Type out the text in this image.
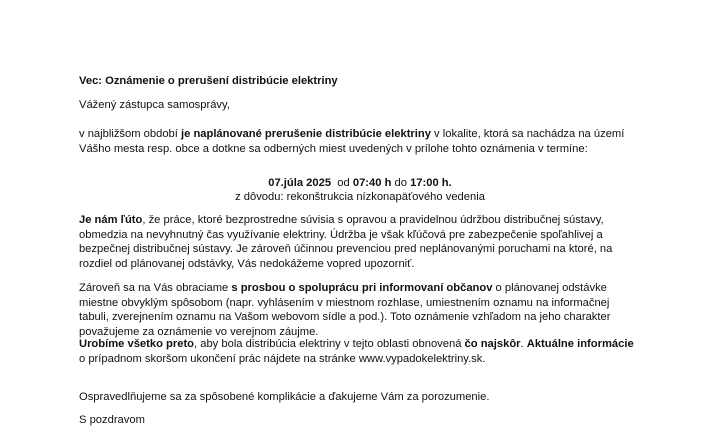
Vec: Oznámenie o prerušení distribúcie elektriny

Vážený zástupca samosprávy,

v najbližšom období je naplánované prerušenie distribúcie elektriny v lokalite, ktorá sa nachádza na území Vášho mesta resp. obce a dotkne sa odberných miest uvedených v prílohe tohto oznámenia v termíne:

07.júla 2025 od 07:40 h do 17:00 h.

z dôvodu: rekonštrukcia nízkonapäťového vedenia

Je nám ľúto, že práce, ktoré bezprostredne súvisia s opravou a pravidelnou údržbou distribučnej sústavy, obmedzia na nevyhnutný čas využívanie elektriny. Údržba je však kľúčová pre zabezpečenie spoľahlivej a bezpečnej distribučnej sústavy. Je zároveň účinnou prevenciou pred neplánovanými poruchami na ktoré, na rozdiel od plánovanej odstávky, Vás nedokážeme vopred upozorniť.

Zároveň sa na Vás obraciame s prosbou o spoluprácu pri informovaní občanov o plánovanej odstávke miestne obvyklým spôsobom (napr. vyhlásením v miestnom rozhlase, umiestnením oznamu na informačnej tabuli, zverejnením oznamu na Vašom webovom sídle a pod.). Toto oznámenie vzhľadom na jeho charakter považujeme za oznámenie vo verejnom záujme.

Urobíme všetko preto, aby bola distribúcia elektriny v tejto oblasti obnovená čo najskôr. Aktuálne informácie o prípadnom skoršom ukončení prác nájdete na stránke www.vypadokelektriny.sk.

Ospravedlňujeme sa za spôsobené komplikácie a ďakujeme Vám za porozumenie.

S pozdravom
